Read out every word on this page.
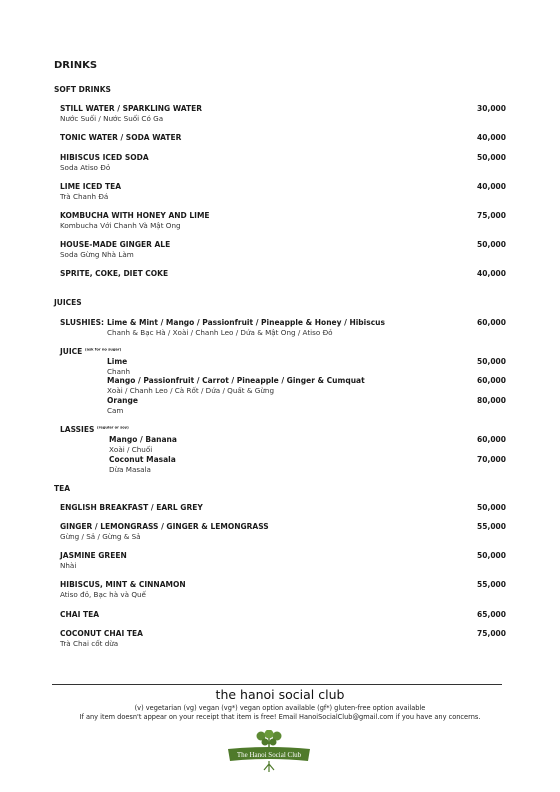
DRINKS
SOFT DRINKS
STILL WATER / SPARKLING WATER
Nước Suối / Nước Suối Có Ga
30,000
TONIC WATER / SODA WATER	40,000
HIBISCUS ICED SODA
Soda Atiso Đỏ
50,000
LIME ICED TEA
Trà Chanh Đá
40,000
KOMBUCHA WITH HONEY AND LIME
Kombucha Với Chanh Và Mật Ong
75,000
HOUSE-MADE GINGER ALE
Soda Gừng Nhà Làm
50,000
SPRITE, COKE, DIET COKE	40,000
JUICES
SLUSHIES: Lime & Mint / Mango / Passionfruit / Pineapple & Honey / Hibiscus
Chanh & Bạc Hà / Xoài / Chanh Leo / Dứa & Mật Ong / Atiso Đỏ
60,000
JUICE $^{(ask for no sugar)}$
Lime
Chanh
50,000
Mango / Passionfruit / Carrot / Pineapple / Ginger & Cumquat
Xoài / Chanh Leo / Cà Rốt / Dứa / Quất & Gừng
60,000
Orange
Cam
80,000
LASSIES $^{(regular or soy)}$
Mango / Banana
Xoài / Chuối
60,000
Coconut Masala
Dừa Masala
70,000
TEA
ENGLISH BREAKFAST / EARL GREY	50,000
GINGER / LEMONGRASS / GINGER & LEMONGRASS
Gừng / Sả / Gừng & Sả
55,000
JASMINE GREEN
Nhài
50,000
HIBISCUS, MINT & CINNAMON
Atiso đỏ, Bạc hà và Quế
55,000
CHAI TEA	65,000
COCONUT CHAI TEA
Trà Chai cốt dừa
75,000
the hanoi social club
(v) vegetarian (vg) vegan (vg*) vegan option available (gf*) gluten-free option available
If any item doesn't appear on your receipt that item is free! Email HanoiSocialClub@gmail.com if you have any concerns.
The Hanoi Social Club
